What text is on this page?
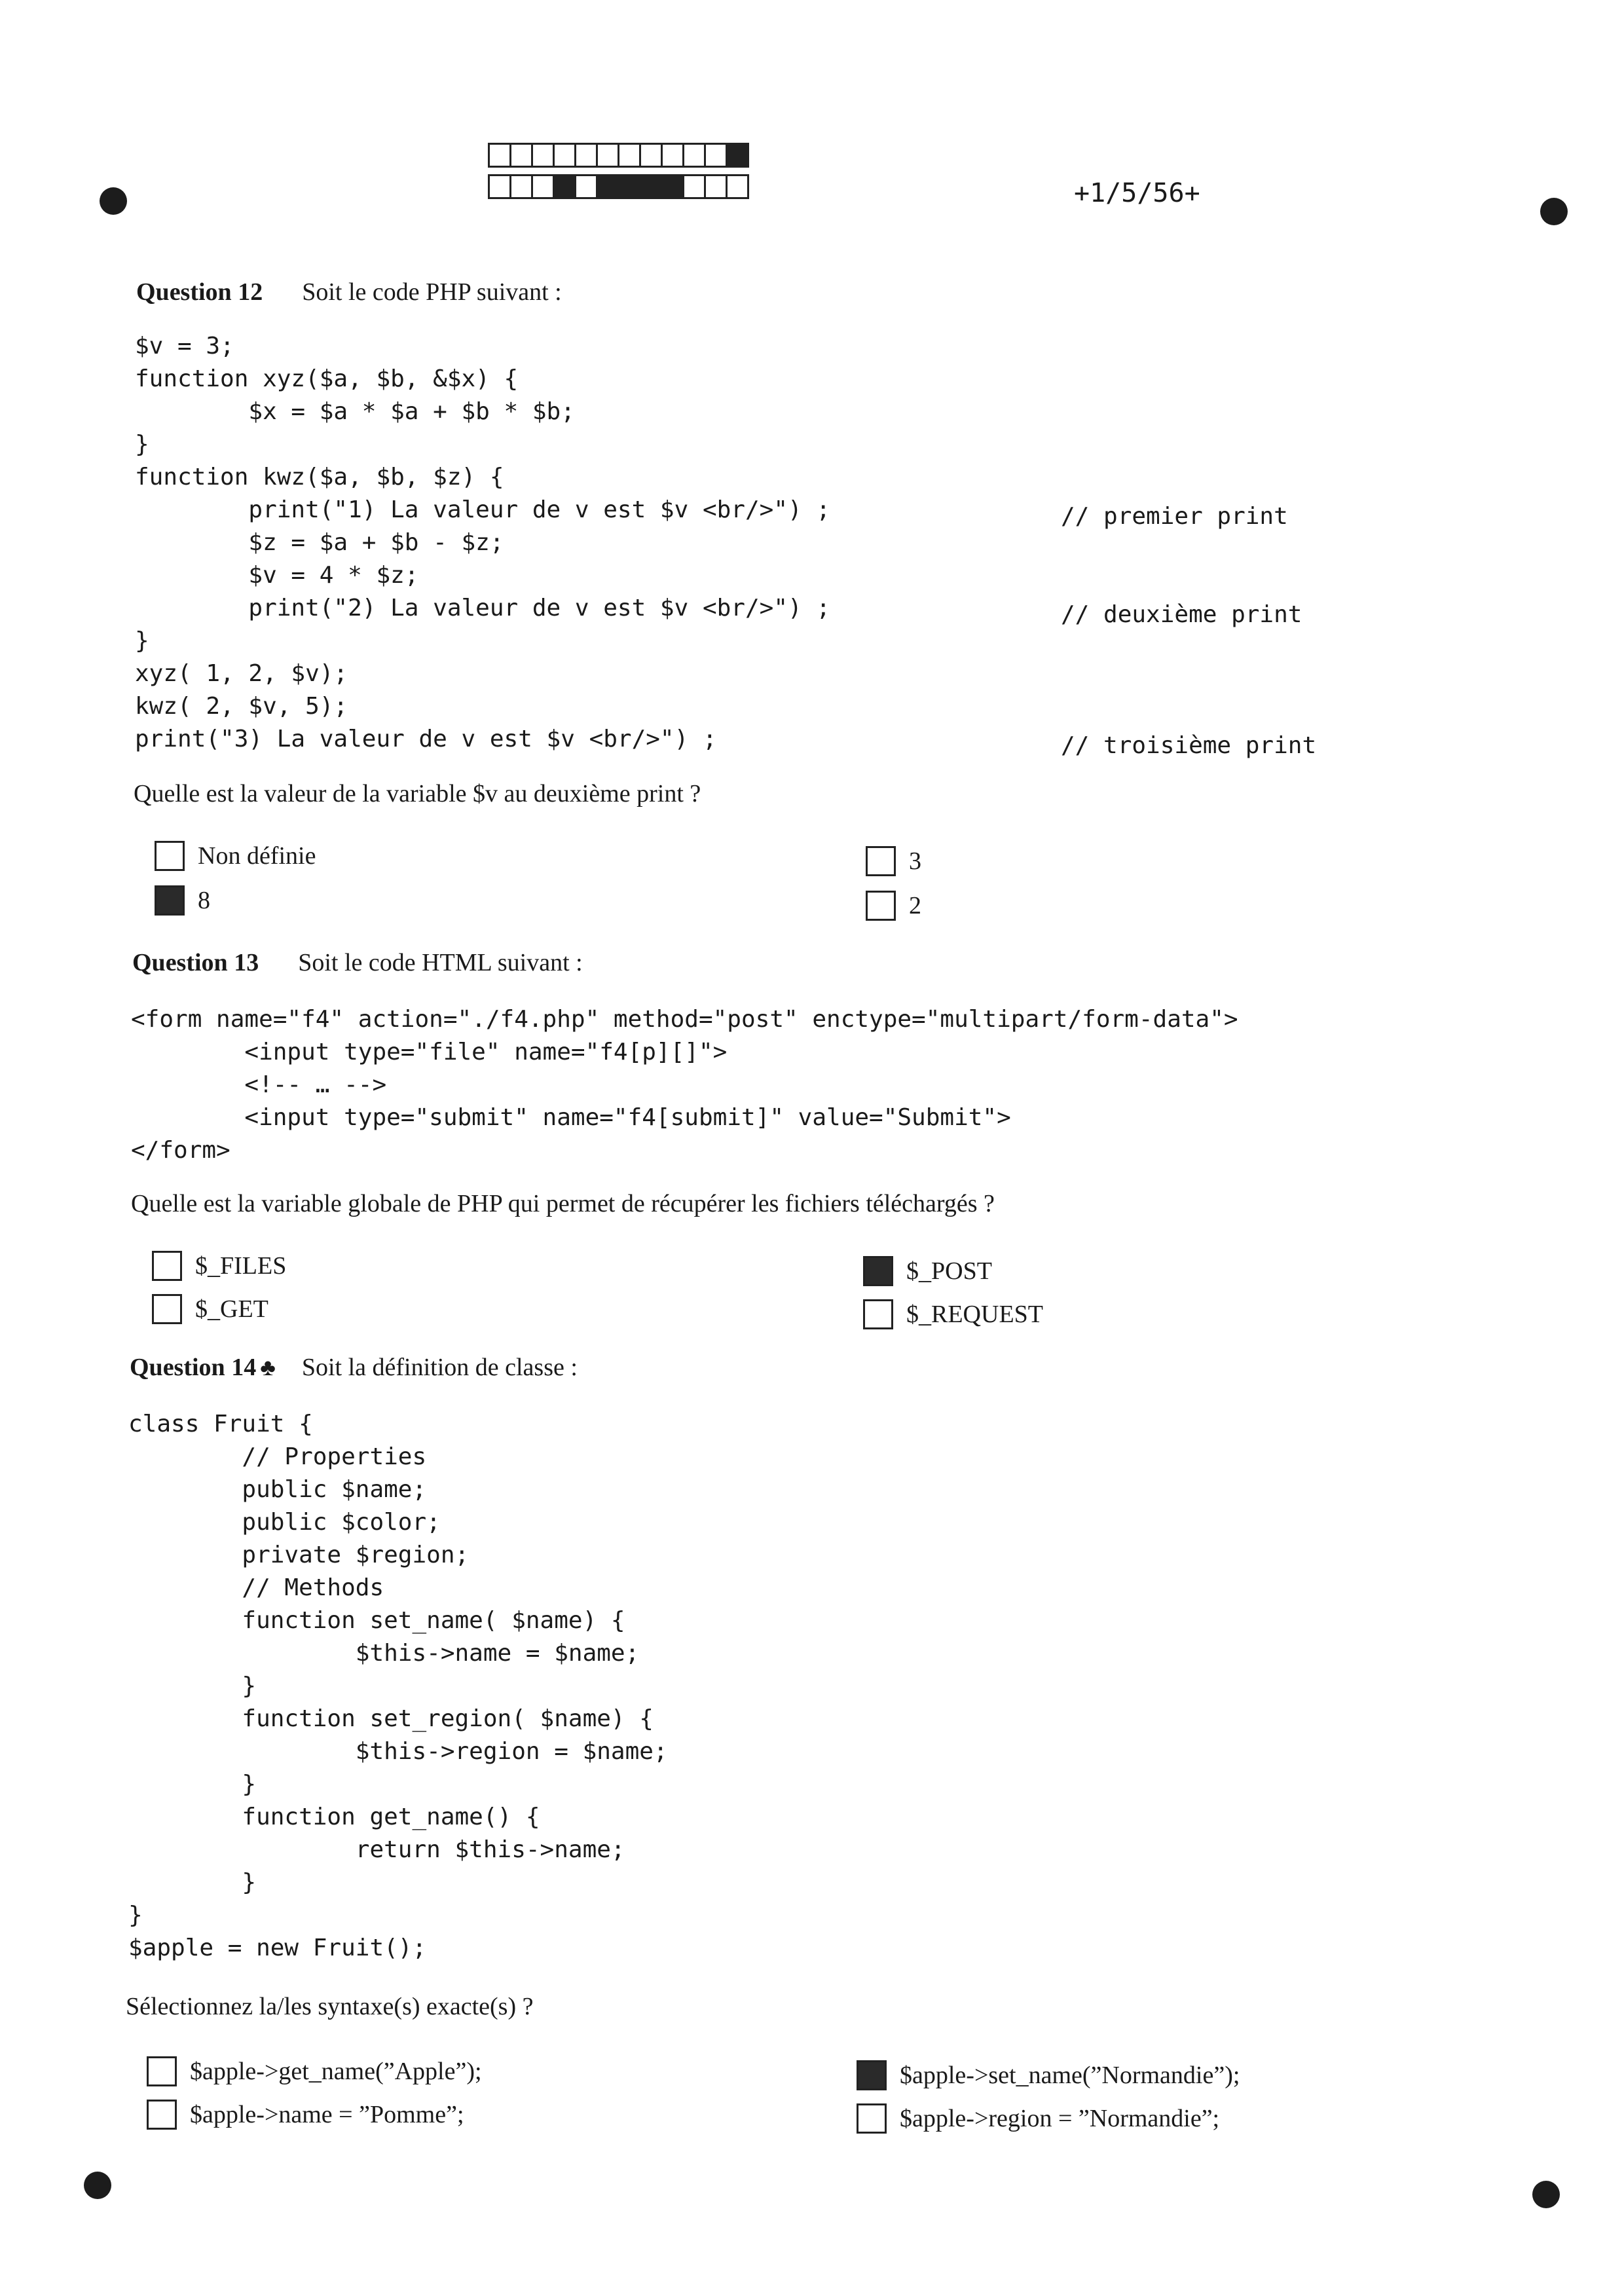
+1/5/56+
Question 12 Soit le code PHP suivant :
$v = 3;
function xyz($a, $b, &$x) {
$x = $a * $a + $b * $b;
}
function kwz($a, $b, $z) {
print("1) La valeur de v est $v <br/>") ;
$z = $a + $b - $z;
$v = 4 * $z;
print("2) La valeur de v est $v <br/>") ;
}
xyz( 1, 2, $v);
kwz( 2, $v, 5);
print("3) La valeur de v est $v <br/>") ;
// premier print
// deuxième print
// troisième print
Quelle est la valeur de la variable $v au deuxième print ?
Non définie
8
3
2
Question 13 Soit le code HTML suivant :
<form name="f4" action="./f4.php" method="post" enctype="multipart/form-data">
<input type="file" name="f4[p][]">
<!-- … -->
<input type="submit" name="f4[submit]" value="Submit">
</form>
Quelle est la variable globale de PHP qui permet de récupérer les fichiers téléchargés ?
$_FILES
$_GET
$_POST
$_REQUEST
Question 14 ♣ Soit la définition de classe :
class Fruit {
// Properties
public $name;
public $color;
private $region;
// Methods
function set_name( $name) {
$this->name = $name;
}
function set_region( $name) {
$this->region = $name;
}
function get_name() {
return $this->name;
}
}
$apple = new Fruit();
Sélectionnez la/les syntaxe(s) exacte(s) ?
$apple->get_name(”Apple”);
$apple->name = ”Pomme”;
$apple->set_name(”Normandie”);
$apple->region = ”Normandie”;
